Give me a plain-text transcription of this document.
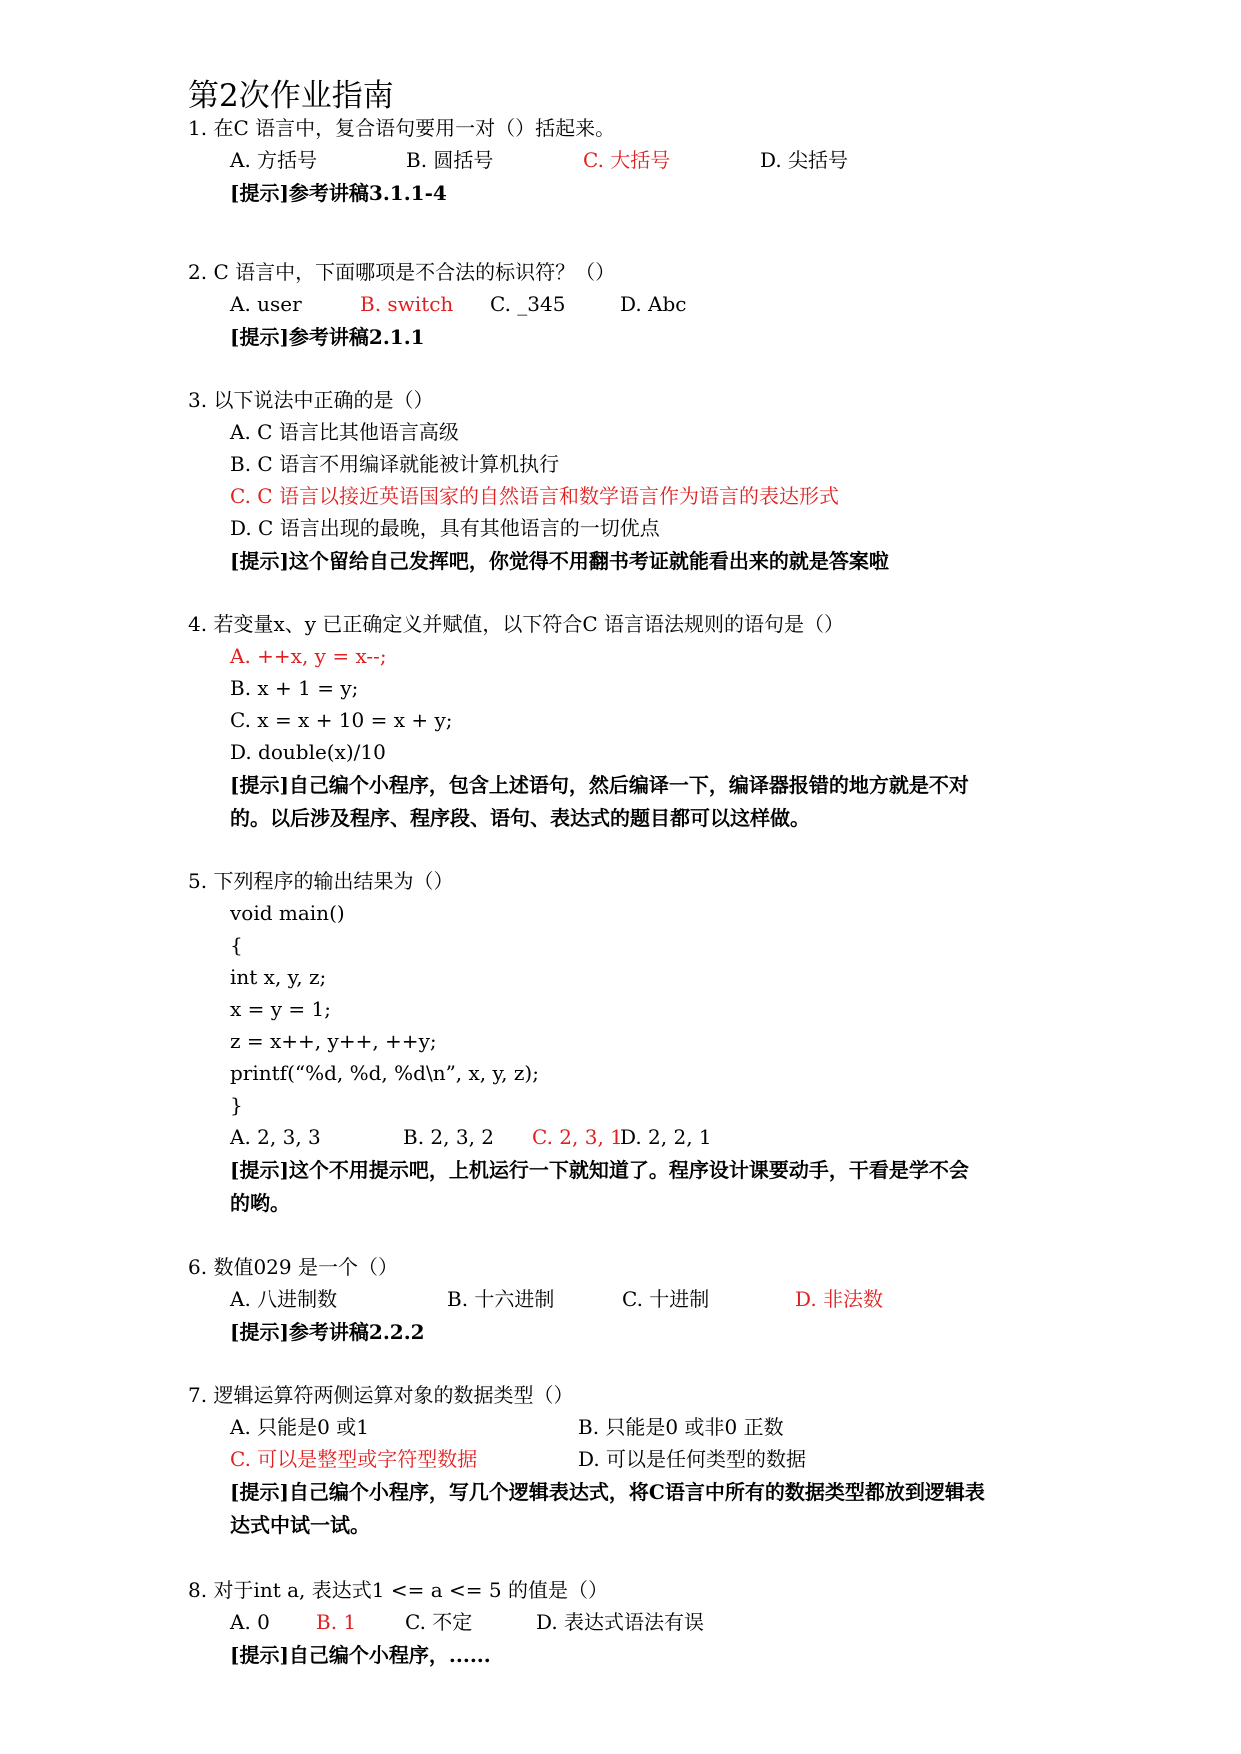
第2次作业指南
1. 在C 语言中，复合语句要用一对（）括起来。
A. 方括号	B. 圆括号	C. 大括号	D. 尖括号
[提示]参考讲稿3.1.1-4
2. C 语言中，下面哪项是不合法的标识符？（）
A. user	B. switch C. _345	D. Abc
[提示]参考讲稿2.1.1
3. 以下说法中正确的是（）
A. C 语言比其他语言高级
B. C 语言不用编译就能被计算机执行
C. C 语言以接近英语国家的自然语言和数学语言作为语言的表达形式
D. C 语言出现的最晚，具有其他语言的一切优点
[提示]这个留给自己发挥吧，你觉得不用翻书考证就能看出来的就是答案啦
4. 若变量x、y 已正确定义并赋值，以下符合C 语言语法规则的语句是（）
A. ++x, y = x--;
B. x + 1 = y;
C. x = x + 10 = x + y;
D. double(x)/10
[提示]自己编个小程序，包含上述语句，然后编译一下，编译器报错的地方就是不对
的。以后涉及程序、程序段、语句、表达式的题目都可以这样做。
5. 下列程序的输出结果为（）
void main()
{
int x, y, z;
x = y = 1;
z = x++, y++, ++y;
printf(“%d, %d, %d\n”, x, y, z);
}
A. 2, 3, 3	B. 2, 3, 2 C. 2, 3, 1
D. 2, 2, 1
[提示]这个不用提示吧，上机运行一下就知道了。程序设计课要动手，干看是学不会
的哟。
6. 数值029 是一个（）
A. 八进制数	B. 十六进制	C. 十进制	D. 非法数
[提示]参考讲稿2.2.2
7. 逻辑运算符两侧运算对象的数据类型（）
A. 只能是0 或1	B. 只能是0 或非0 正数
C. 可以是整型或字符型数据	D. 可以是任何类型的数据
[提示]自己编个小程序，写几个逻辑表达式，将C语言中所有的数据类型都放到逻辑表
达式中试一试。
8. 对于int a, 表达式1 <= a <= 5 的值是（）
A. 0 B. 1 C. 不定	D. 表达式语法有误
[提示]自己编个小程序，......
